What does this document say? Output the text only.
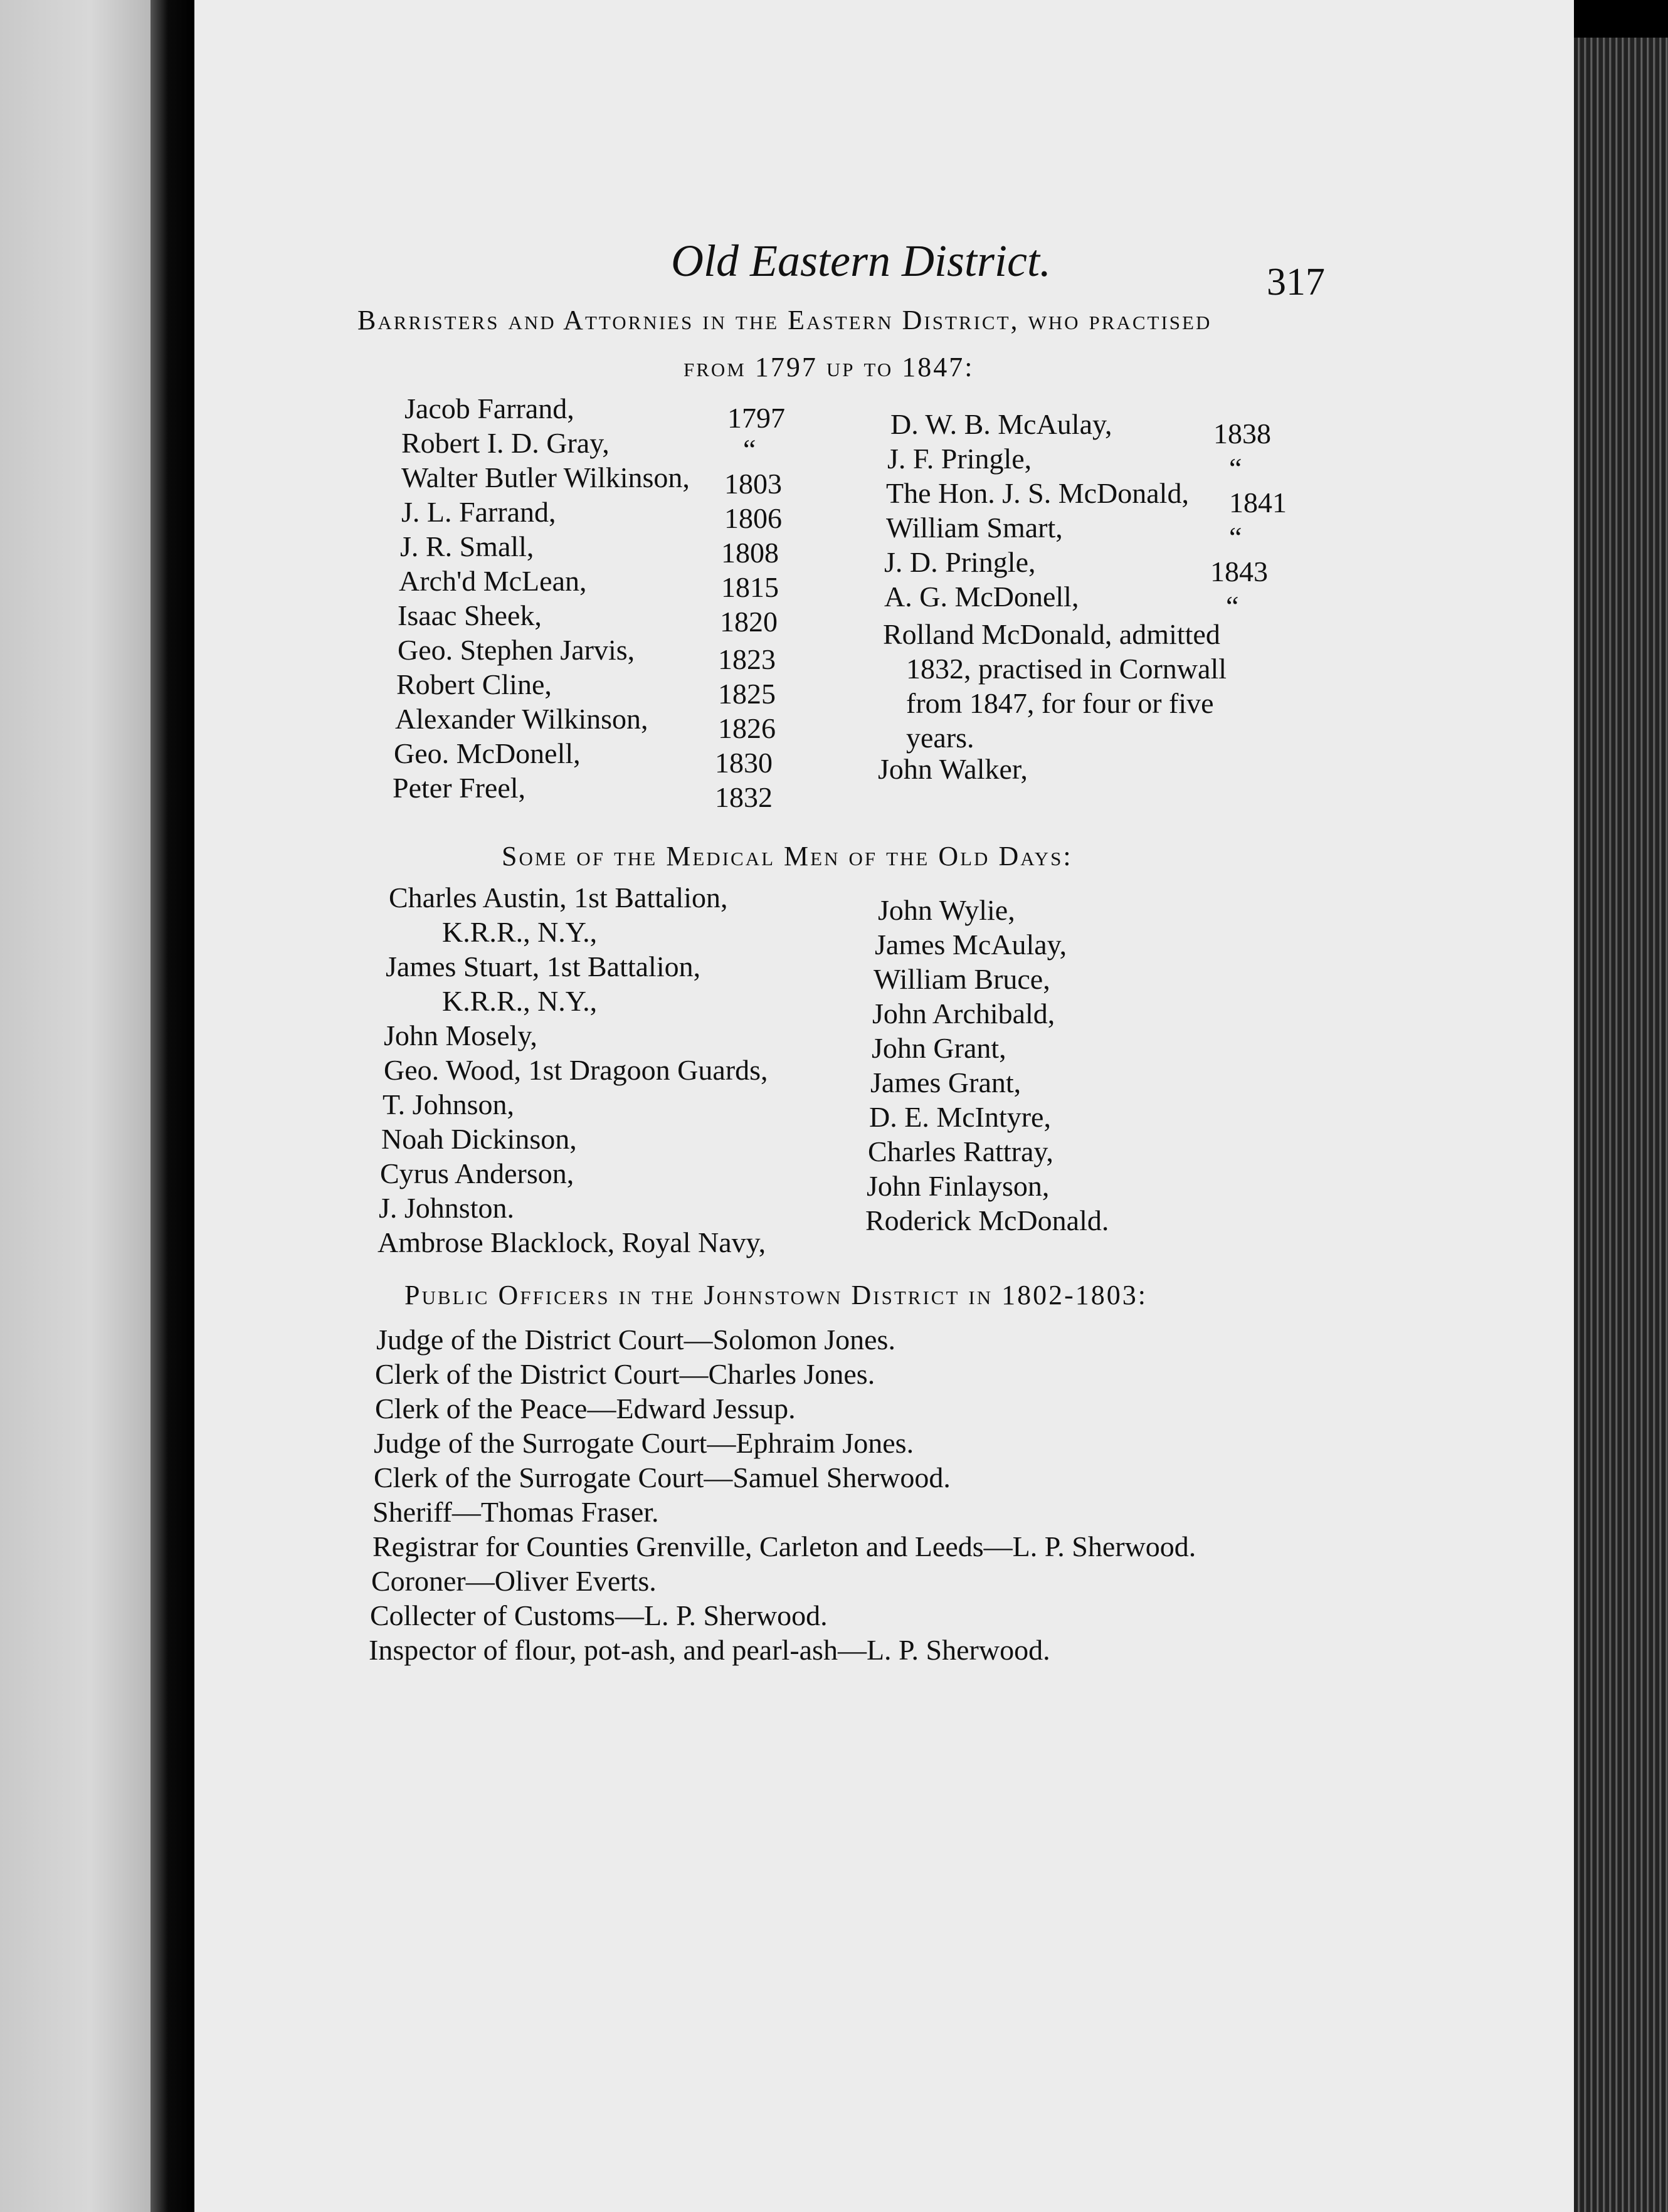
Old Eastern District.	317
Barristers and Attornies in the Eastern District, who practised
from 1797 up to 1847:
Jacob Farrand,	1797
Robert I. D. Gray,	“
Walter Butler Wilkinson, 1803
J. L. Farrand,	1806
J. R. Small,	1808
Arch'd McLean,	1815
Isaac Sheek,	1820
Geo. Stephen Jarvis,	1823
Robert Cline,	1825
Alexander Wilkinson, 1826
Geo. McDonell,	1830
Peter Freel,	1832
D. W. B. McAulay,	1838
J. F. Pringle,	“
The Hon. J. S. McDonald, 1841
William Smart,	“
J. D. Pringle,	1843
A. G. McDonell,	“
Rolland McDonald, admitted
1832, practised in Cornwall
from 1847, for four or five
years.
John Walker,
Some of the Medical Men of the Old Days:
Charles Austin, 1st Battalion,
K.R.R., N.Y.,
James Stuart, 1st Battalion,
K.R.R., N.Y.,
John Mosely,
Geo. Wood, 1st Dragoon Guards,
T. Johnson,
Noah Dickinson,
Cyrus Anderson,
J. Johnston.
Ambrose Blacklock, Royal Navy,
John Wylie,
James McAulay,
William Bruce,
John Archibald,
John Grant,
James Grant,
D. E. McIntyre,
Charles Rattray,
John Finlayson,
Roderick McDonald.
Public Officers in the Johnstown District in 1802-1803:
Judge of the District Court—Solomon Jones.
Clerk of the District Court—Charles Jones.
Clerk of the Peace—Edward Jessup.
Judge of the Surrogate Court—Ephraim Jones.
Clerk of the Surrogate Court—Samuel Sherwood.
Sheriff—Thomas Fraser.
Registrar for Counties Grenville, Carleton and Leeds—L. P. Sherwood.
Coroner—Oliver Everts.
Collecter of Customs—L. P. Sherwood.
Inspector of flour, pot-ash, and pearl-ash—L. P. Sherwood.
